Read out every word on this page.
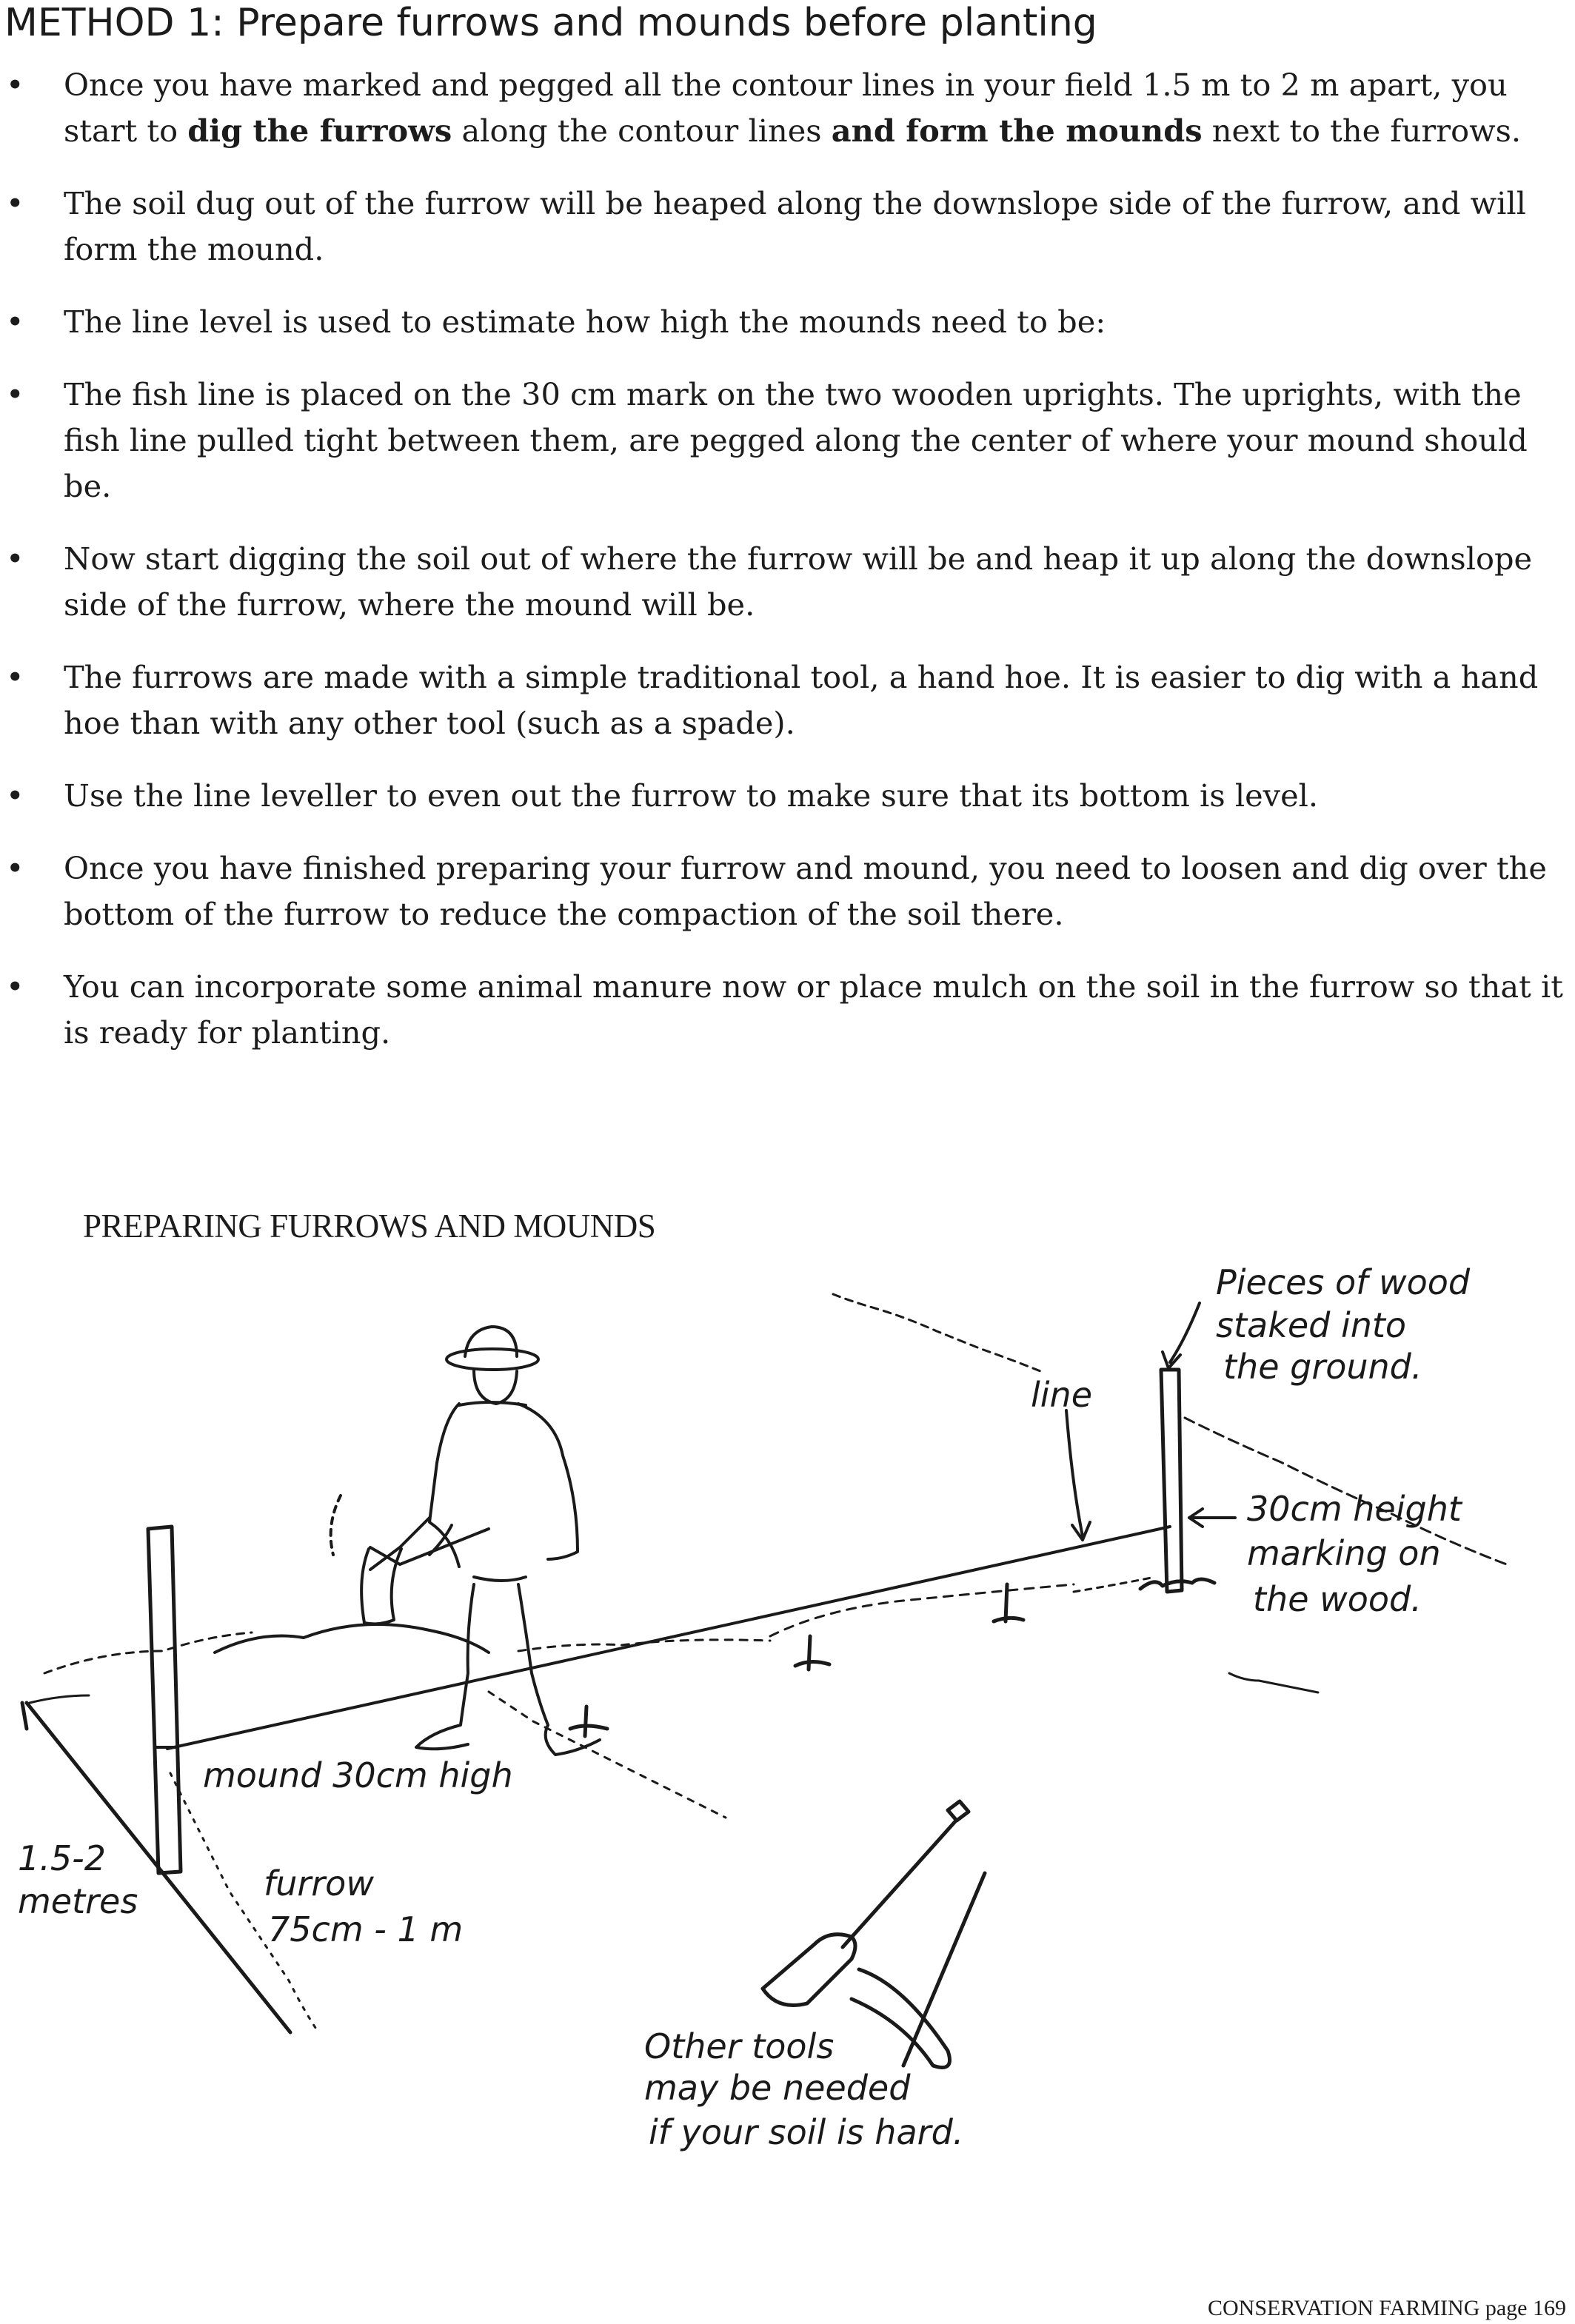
METHOD 1: Prepare furrows and mounds before planting
•	Once you have marked and pegged all the contour lines in your field 1.5 m to 2 m apart, you start to dig the furrows along the contour lines and form the mounds next to the furrows.
•	The soil dug out of the furrow will be heaped along the downslope side of the furrow, and will form the mound.
•	The line level is used to estimate how high the mounds need to be:
•	The fish line is placed on the 30 cm mark on the two wooden uprights. The uprights, with the fish line pulled tight between them, are pegged along the center of where your mound should be.
•	Now start digging the soil out of where the furrow will be and heap it up along the downslope side of the furrow, where the mound will be.
•	The furrows are made with a simple traditional tool, a hand hoe. It is easier to dig with a hand hoe than with any other tool (such as a spade).
•	Use the line leveller to even out the furrow to make sure that its bottom is level.
•	Once you have finished preparing your furrow and mound, you need to loosen and dig over the bottom of the furrow to reduce the compaction of the soil there.
•	You can incorporate some animal manure now or place mulch on the soil in the furrow so that it is ready for planting.
PREPARING FURROWS AND MOUNDS
Pieces of wood
staked into
the ground.
line
30cm height
marking on
the wood.
mound 30cm high
1.5-2
metres	furrow
75cm - 1 m
Other tools
may be needed
if your soil is hard.
CONSERVATION FARMING page 169
